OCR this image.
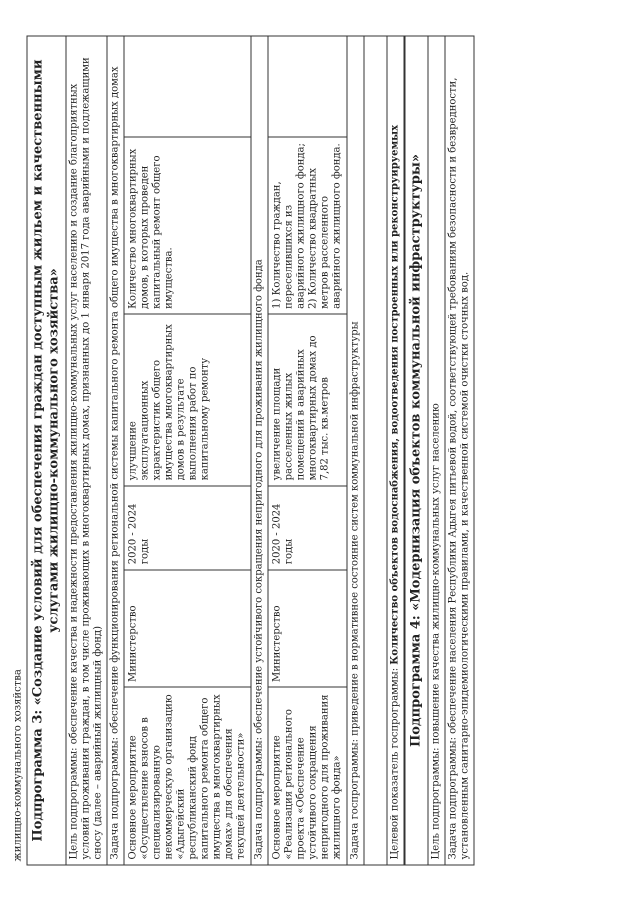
жилищно-коммунального хозяйства Подпрограмма 3: «Создание условий для обеспечения граждан доступным жильем и качественными услугами жилищно-коммунального хозяйства» Цель подпрограммы: обеспечение качества и надежности предоставления жилищно-коммунальных услуг населению и создание благоприятных условий проживания граждан, в том числе проживающих в многоквартирных домах, признанных до 1 января 2017 года аварийными и подлежащими сносу (далее – аварийный жилищный фонд) Задача подпрограммы: обеспечение функционирования региональной системы капитального ремонта общего имущества в многоквартирных домах Основное мероприятие «Осуществление взносов в специализированную некоммерческую организацию «Адыгейский республиканский фонд капитального ремонта общего имущества в многоквартирных домах» для обеспечения текущей деятельности»
Министерство
2020 - 2024 годы
улучшение эксплуатационных характеристик общего имущества многоквартирных домов в результате выполнения работ по капитальному ремонту
Количество многоквартирных домов, в которых проведен капитальный ремонт общего имущества.	Задача подпрограммы: обеспечение устойчивого сокращения непригодного для проживания жилищного фонда Основное мероприятие «Реализация регионального проекта «Обеспечение устойчивого сокращения непригодного для проживания жилищного фонда»
Министерство
2020 - 2024 годы
увеличение площади расселенных жилых помещений в аварийных многоквартирных домах до 7,82 тыс. кв.метров
1) Количество граждан, переселившихся из аварийного жилищного фонда; 2) Количество квадратных метров расселенного аварийного жилищного фонда.
Задача госпрограммы: приведение в нормативное состояние систем коммунальной инфраструктуры	Целевой показатель госпрограммы: Количество объектов водоснабжения, водоотведения построенных или реконструируемых Подпрограмма 4: «Модернизация объектов коммунальной инфраструктуры» Цель подпрограммы: повышение качества жилищно-коммунальных услуг населению Задача подпрограммы: обеспечение населения Республики Адыгея питьевой водой, соответствующей требованиям безопасности и безвредности, установленным санитарно-эпидемиологическими правилами, и качественной системой очистки сточных вод.
